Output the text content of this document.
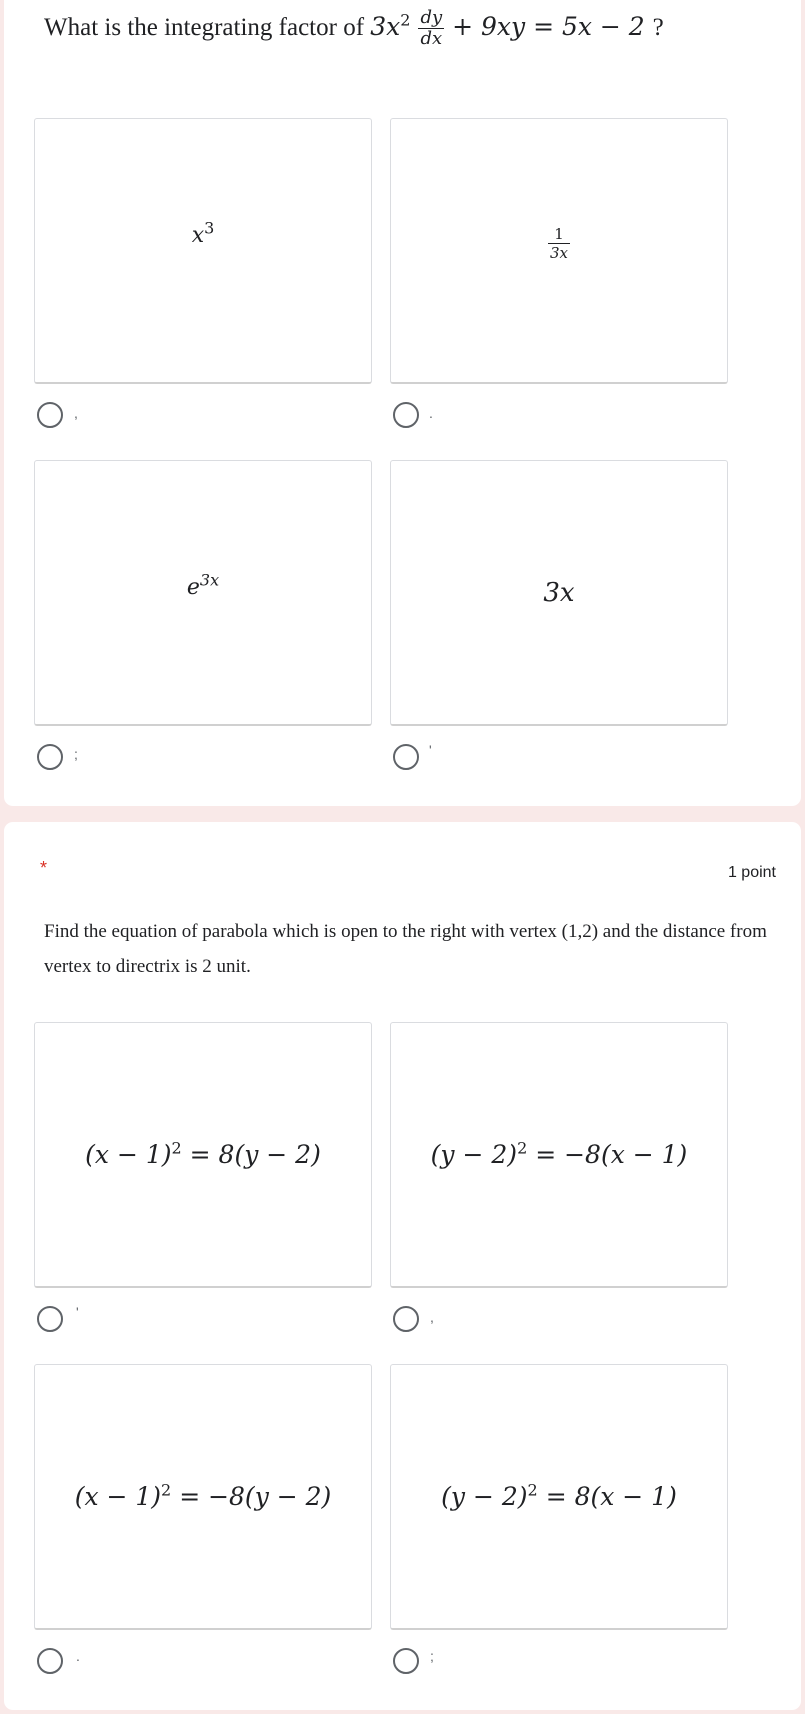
What is the integrating factor of $3x^2 \frac{dy}{dx} + 9xy = 5x - 2$ ?
$x^3$
,
$\frac{1}{3x}$
.
$e^{3x}$
;
3x
'
*	1 point
Find the equation of parabola which is open to the right with vertex (1,2) and the distance from vertex to directrix is 2 unit.
$(x - 1)^2 = 8(y - 2)$
'
$(y - 2)^2 = -8(x - 1)$
,
$(x - 1)^2 = -8(y - 2)$
.
$(y - 2)^2 = 8(x - 1)$
;
